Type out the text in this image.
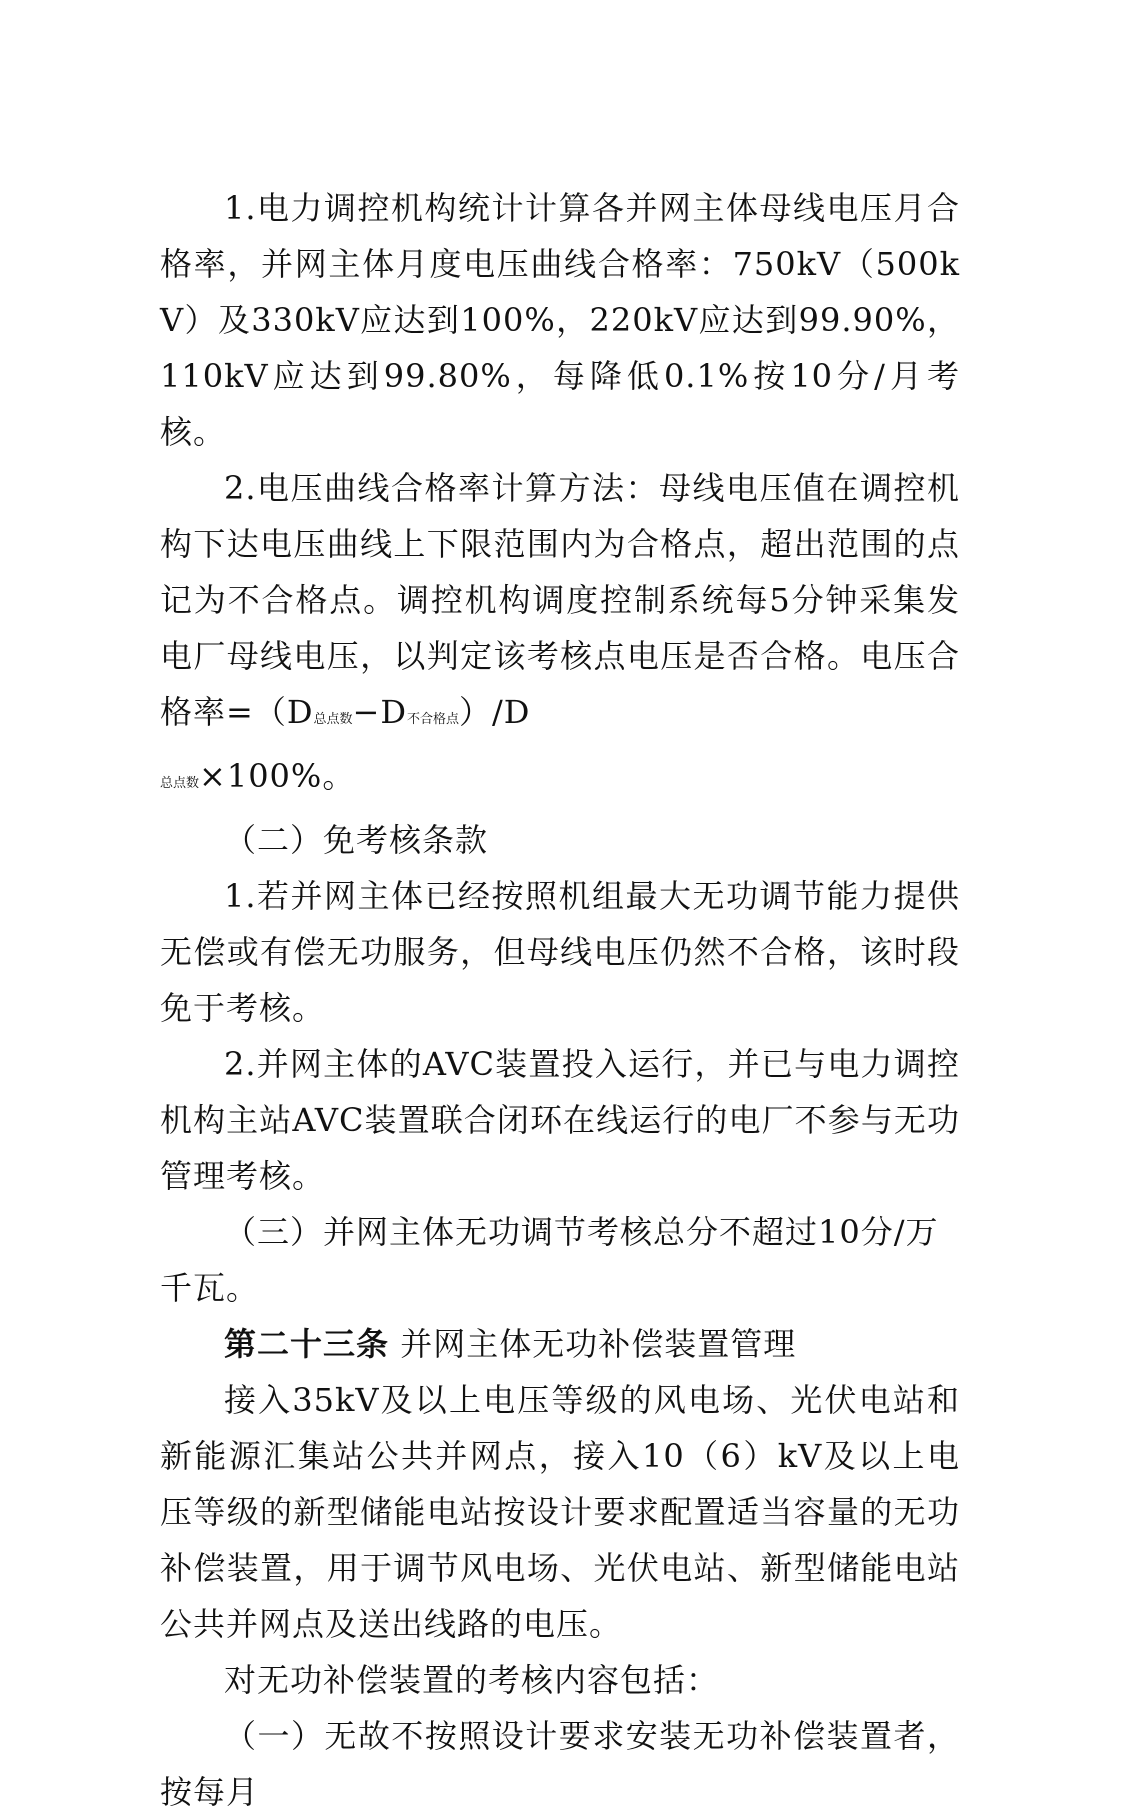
1.电力调控机构统计计算各并网主体母线电压月合格率，并网主体月度电压曲线合格率：750kV（500kV）及330kV应达到100%，220kV应达到99.90%，110kV应达到99.80%，每降低0.1%按10分/月考核。

2.电压曲线合格率计算方法：母线电压值在调控机构下达电压曲线上下限范围内为合格点，超出范围的点记为不合格点。调控机构调度控制系统每5分钟采集发电厂母线电压，以判定该考核点电压是否合格。电压合格率=（D总点数−D不合格点）/D
总点数×100%。

（二）免考核条款

1.若并网主体已经按照机组最大无功调节能力提供无偿或有偿无功服务，但母线电压仍然不合格，该时段免于考核。

2.并网主体的AVC装置投入运行，并已与电力调控机构主站AVC装置联合闭环在线运行的电厂不参与无功管理考核。

（三）并网主体无功调节考核总分不超过10分/万千瓦。

第二十三条 并网主体无功补偿装置管理

接入35kV及以上电压等级的风电场、光伏电站和新能源汇集站公共并网点，接入10（6）kV及以上电压等级的新型储能电站按设计要求配置适当容量的无功补偿装置，用于调节风电场、光伏电站、新型储能电站公共并网点及送出线路的电压。

对无功补偿装置的考核内容包括：

（一）无故不按照设计要求安装无功补偿装置者，按每月
